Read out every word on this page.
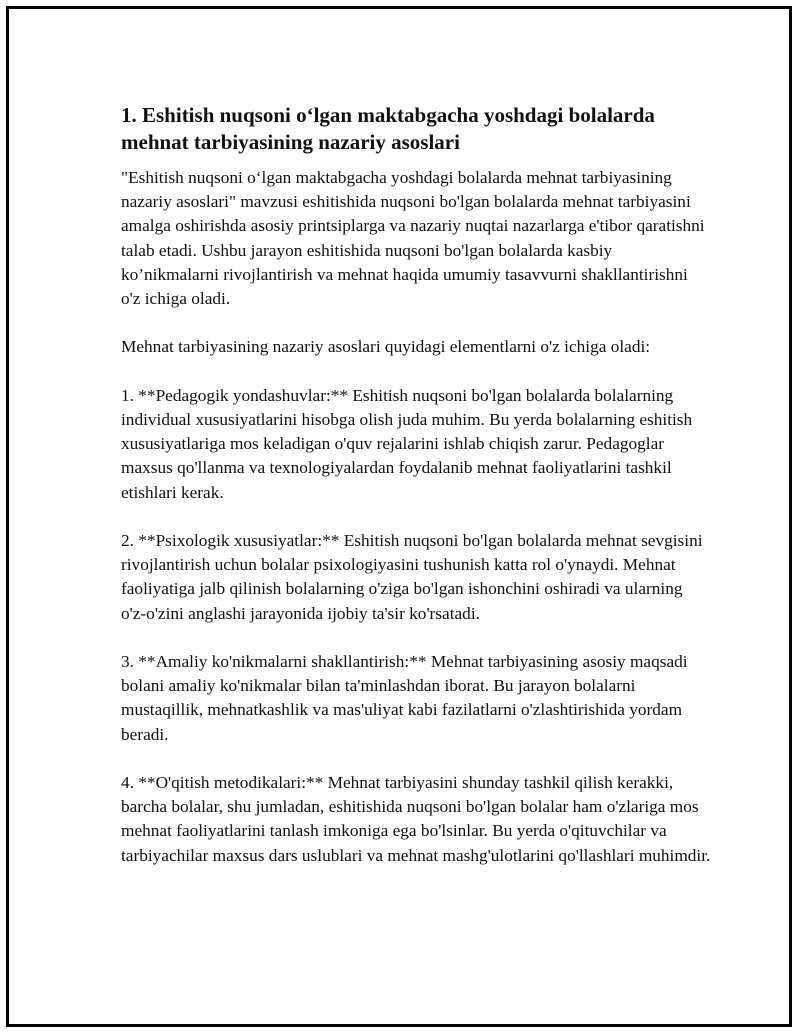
1. Eshitish nuqsoni o‘lgan maktabgacha yoshdagi bolalarda mehnat tarbiyasining nazariy asoslari

"Eshitish nuqsoni o‘lgan maktabgacha yoshdagi bolalarda mehnat tarbiyasining nazariy asoslari" mavzusi eshitishida nuqsoni bo'lgan bolalarda mehnat tarbiyasini amalga oshirishda asosiy printsiplarga va nazariy nuqtai nazarlarga e'tibor qaratishni talab etadi. Ushbu jarayon eshitishida nuqsoni bo'lgan bolalarda kasbiy ko’nikmalarni rivojlantirish va mehnat haqida umumiy tasavvurni shakllantirishni o'z ichiga oladi.

Mehnat tarbiyasining nazariy asoslari quyidagi elementlarni o'z ichiga oladi:

1. **Pedagogik yondashuvlar:** Eshitish nuqsoni bo'lgan bolalarda bolalarning individual xususiyatlarini hisobga olish juda muhim. Bu yerda bolalarning eshitish xususiyatlariga mos keladigan o'quv rejalarini ishlab chiqish zarur. Pedagoglar maxsus qo'llanma va texnologiyalardan foydalanib mehnat faoliyatlarini tashkil etishlari kerak.

2. **Psixologik xususiyatlar:** Eshitish nuqsoni bo'lgan bolalarda mehnat sevgisini rivojlantirish uchun bolalar psixologiyasini tushunish katta rol o'ynaydi. Mehnat faoliyatiga jalb qilinish bolalarning o'ziga bo'lgan ishonchini oshiradi va ularning o'z-o'zini anglashi jarayonida ijobiy ta'sir ko'rsatadi.

3. **Amaliy ko'nikmalarni shakllantirish:** Mehnat tarbiyasining asosiy maqsadi bolani amaliy ko'nikmalar bilan ta'minlashdan iborat. Bu jarayon bolalarni mustaqillik, mehnatkashlik va mas'uliyat kabi fazilatlarni o'zlashtirishida yordam beradi.

4. **O'qitish metodikalari:** Mehnat tarbiyasini shunday tashkil qilish kerakki, barcha bolalar, shu jumladan, eshitishida nuqsoni bo'lgan bolalar ham o'zlariga mos mehnat faoliyatlarini tanlash imkoniga ega bo'lsinlar. Bu yerda o'qituvchilar va tarbiyachilar maxsus dars uslublari va mehnat mashg'ulotlarini qo'llashlari muhimdir.
